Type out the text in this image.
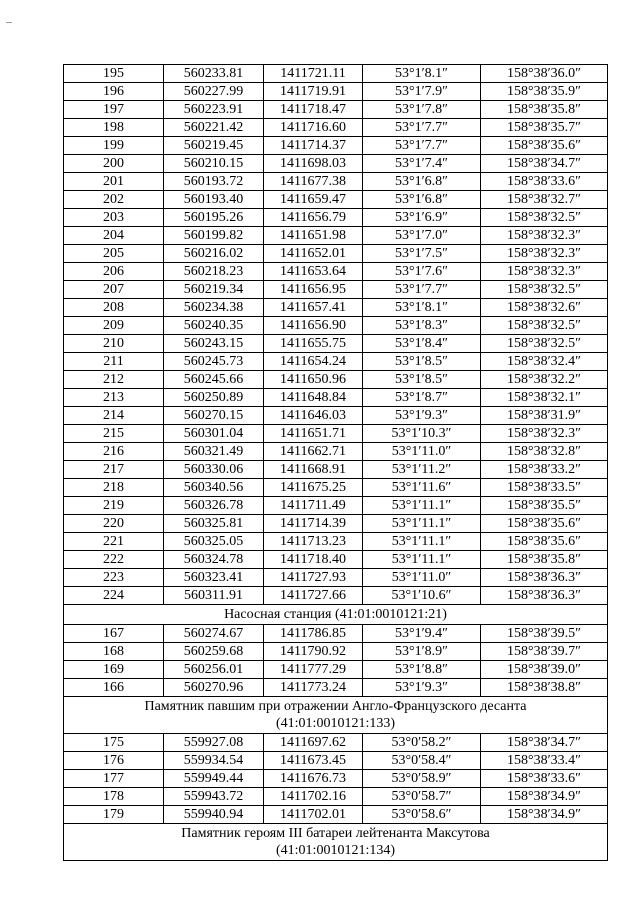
195	560233.81	1411721.11	53°1′8.1″	158°38′36.0″
196	560227.99	1411719.91	53°1′7.9″	158°38′35.9″
197	560223.91	1411718.47	53°1′7.8″	158°38′35.8″
198	560221.42	1411716.60	53°1′7.7″	158°38′35.7″
199	560219.45	1411714.37	53°1′7.7″	158°38′35.6″
200	560210.15	1411698.03	53°1′7.4″	158°38′34.7″
201	560193.72	1411677.38	53°1′6.8″	158°38′33.6″
202	560193.40	1411659.47	53°1′6.8″	158°38′32.7″
203	560195.26	1411656.79	53°1′6.9″	158°38′32.5″
204	560199.82	1411651.98	53°1′7.0″	158°38′32.3″
205	560216.02	1411652.01	53°1′7.5″	158°38′32.3″
206	560218.23	1411653.64	53°1′7.6″	158°38′32.3″
207	560219.34	1411656.95	53°1′7.7″	158°38′32.5″
208	560234.38	1411657.41	53°1′8.1″	158°38′32.6″
209	560240.35	1411656.90	53°1′8.3″	158°38′32.5″
210	560243.15	1411655.75	53°1′8.4″	158°38′32.5″
211	560245.73	1411654.24	53°1′8.5″	158°38′32.4″
212	560245.66	1411650.96	53°1′8.5″	158°38′32.2″
213	560250.89	1411648.84	53°1′8.7″	158°38′32.1″
214	560270.15	1411646.03	53°1′9.3″	158°38′31.9″
215	560301.04	1411651.71	53°1′10.3″	158°38′32.3″
216	560321.49	1411662.71	53°1′11.0″	158°38′32.8″
217	560330.06	1411668.91	53°1′11.2″	158°38′33.2″
218	560340.56	1411675.25	53°1′11.6″	158°38′33.5″
219	560326.78	1411711.49	53°1′11.1″	158°38′35.5″
220	560325.81	1411714.39	53°1′11.1″	158°38′35.6″
221	560325.05	1411713.23	53°1′11.1″	158°38′35.6″
222	560324.78	1411718.40	53°1′11.1″	158°38′35.8″
223	560323.41	1411727.93	53°1′11.0″	158°38′36.3″
224	560311.91	1411727.66	53°1′10.6″	158°38′36.3″

Насосная станция (41:01:0010121:21)				

167	560274.67	1411786.85	53°1′9.4″	158°38′39.5″
168	560259.68	1411790.92	53°1′8.9″	158°38′39.7″
169	560256.01	1411777.29	53°1′8.8″	158°38′39.0″
166	560270.96	1411773.24	53°1′9.3″	158°38′38.8″

Памятник павшим при отражении Англо-Французского десанта
(41:01:0010121:133)				

175	559927.08	1411697.62	53°0′58.2″	158°38′34.7″
176	559934.54	1411673.45	53°0′58.4″	158°38′33.4″
177	559949.44	1411676.73	53°0′58.9″	158°38′33.6″
178	559943.72	1411702.16	53°0′58.7″	158°38′34.9″
179	559940.94	1411702.01	53°0′58.6″	158°38′34.9″

Памятник героям III батареи лейтенанта Максутова
(41:01:0010121:134)				
